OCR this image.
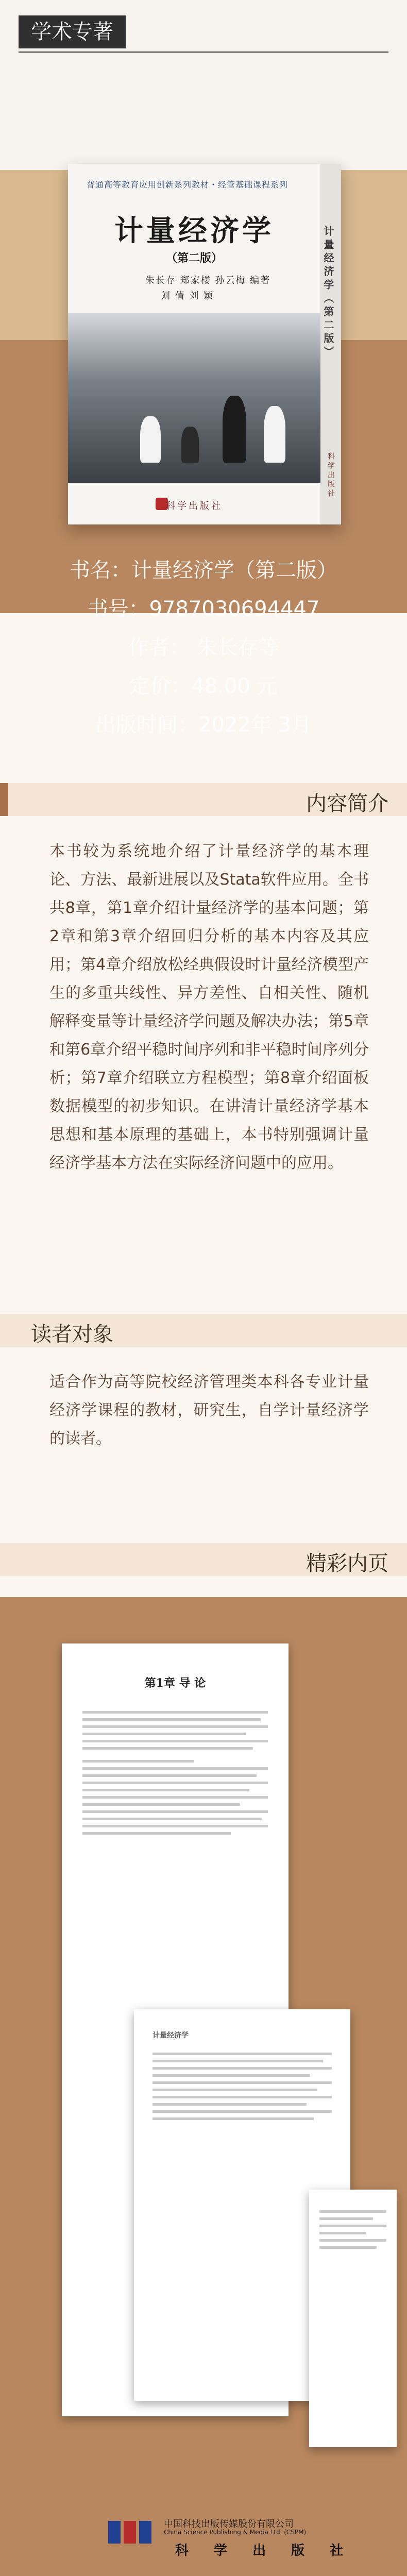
学术专著
普通高等教育应用创新系列教材・经管基础课程系列
计量经济学
（第二版）
朱长存 郑家楼 孙云梅 编著
刘 倩 刘 颖
科学出版社
计量经济学（第二版）
科学出版社
书名：计量经济学（第二版）
书号：9787030694447
作者： 朱长存等
定价：48.00 元
出版时间：2022年 3月
内容简介
本书较为系统地介绍了计量经济学的基本理论、方法、最新进展以及Stata软件应用。全书共8章，第1章介绍计量经济学的基本问题；第2章和第3章介绍回归分析的基本内容及其应用；第4章介绍放松经典假设时计量经济模型产生的多重共线性、异方差性、自相关性、随机解释变量等计量经济学问题及解决办法；第5章和第6章介绍平稳时间序列和非平稳时间序列分析；第7章介绍联立方程模型；第8章介绍面板数据模型的初步知识。在讲清计量经济学基本思想和基本原理的基础上，本书特别强调计量经济学基本方法在实际经济问题中的应用。
读者对象
适合作为高等院校经济管理类本科各专业计量经济学课程的教材，研究生，自学计量经济学的读者。
精彩内页
第1章 导 论
计量经济学
中国科技出版传媒股份有限公司
China Science Publishing & Media Ltd. (CSPM)
科 学 出 版 社
